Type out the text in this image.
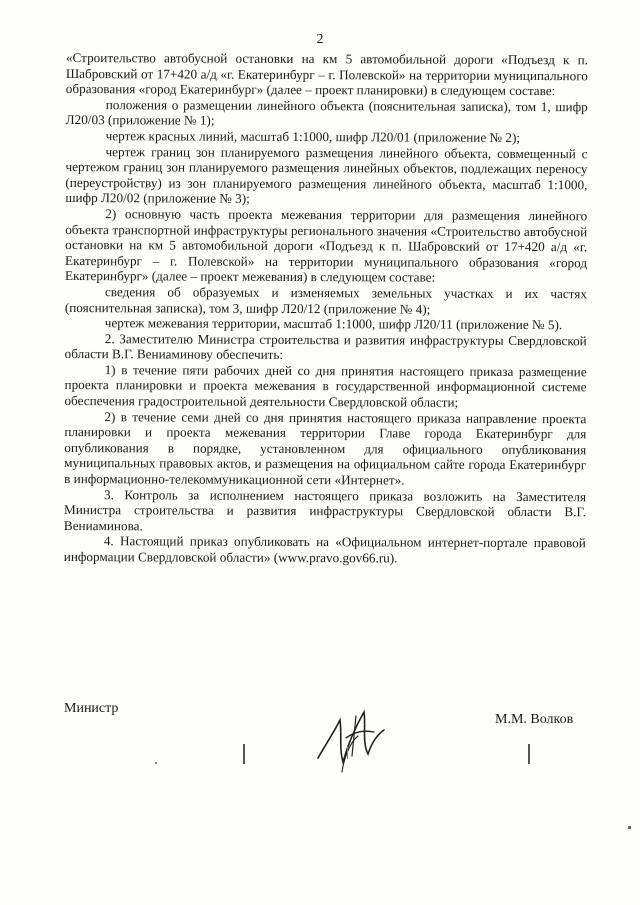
2

«Строительство автобусной остановки на км 5 автомобильной дороги «Подъезд к п. Шабровский от 17+420 а/д «г. Екатеринбург – г. Полевской» на территории муниципального образования «город Екатеринбург» (далее – проект планировки) в следующем составе:

положения о размещении линейного объекта (пояснительная записка), том 1, шифр Л20/03 (приложение № 1);

чертеж красных линий, масштаб 1:1000, шифр Л20/01 (приложение № 2);

чертеж границ зон планируемого размещения линейного объекта, совмещенный с чертежом границ зон планируемого размещения линейных объектов, подлежащих переносу (переустройству) из зон планируемого размещения линейного объекта, масштаб 1:1000, шифр Л20/02 (приложение № 3);

2) основную часть проекта межевания территории для размещения линейного объекта транспортной инфраструктуры регионального значения «Строительство автобусной остановки на км 5 автомобильной дороги «Подъезд к п. Шабровский от 17+420 а/д «г. Екатеринбург – г. Полевской» на территории муниципального образования «город Екатеринбург» (далее – проект межевания) в следующем составе:

сведения об образуемых и изменяемых земельных участках и их частях (пояснительная записка), том 3, шифр Л20/12 (приложение № 4);

чертеж межевания территории, масштаб 1:1000, шифр Л20/11 (приложение № 5).

2. Заместителю Министра строительства и развития инфраструктуры Свердловской области В.Г. Вениаминову обеспечить:

1) в течение пяти рабочих дней со дня принятия настоящего приказа размещение проекта планировки и проекта межевания в государственной информационной системе обеспечения градостроительной деятельности Свердловской области;

2) в течение семи дней со дня принятия настоящего приказа направление проекта планировки и проекта межевания территории Главе города Екатеринбург для опубликования в порядке, установленном для официального опубликования муниципальных правовых актов, и размещения на официальном сайте города Екатеринбург в информационно-телекоммуникационной сети «Интернет».

3. Контроль за исполнением настоящего приказа возложить на Заместителя Министра строительства и развития инфраструктуры Свердловской области В.Г. Вениаминова.

4. Настоящий приказ опубликовать на «Официальном интернет-портале правовой информации Свердловской области» (www.pravo.gov66.ru).

Министр
М.М. Волков
